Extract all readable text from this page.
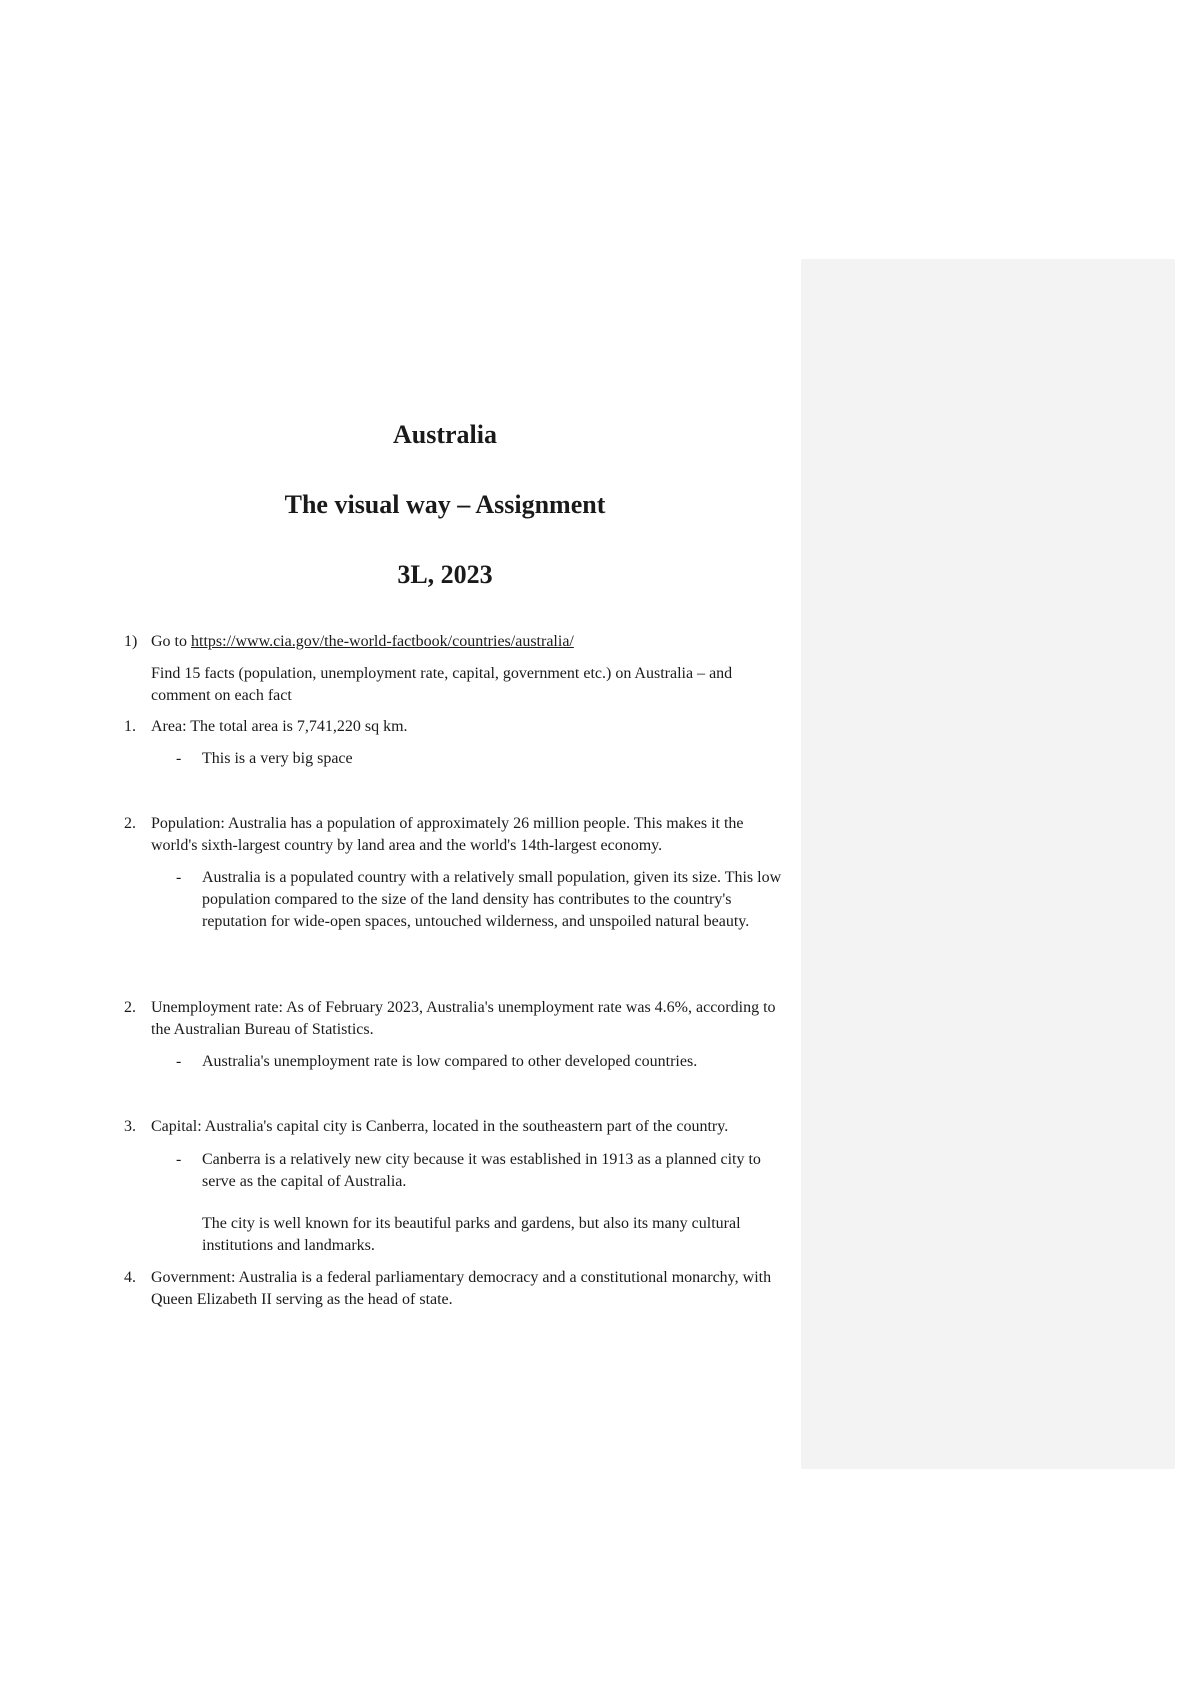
Australia
The visual way – Assignment
3L, 2023
1) Go to https://www.cia.gov/the-world-factbook/countries/australia/
Find 15 facts (population, unemployment rate, capital, government etc.) on Australia – and comment on each fact
1. Area: The total area is 7,741,220 sq km.
- This is a very big space
2. Population: Australia has a population of approximately 26 million people. This makes it the world's sixth-largest country by land area and the world's 14th-largest economy.
- Australia is a populated country with a relatively small population, given its size. This low population compared to the size of the land density has contributes to the country's reputation for wide-open spaces, untouched wilderness, and unspoiled natural beauty.
2. Unemployment rate: As of February 2023, Australia's unemployment rate was 4.6%, according to the Australian Bureau of Statistics.
- Australia's unemployment rate is low compared to other developed countries.
3. Capital: Australia's capital city is Canberra, located in the southeastern part of the country.
- Canberra is a relatively new city because it was established in 1913 as a planned city to serve as the capital of Australia.
The city is well known for its beautiful parks and gardens, but also its many cultural institutions and landmarks.
4. Government: Australia is a federal parliamentary democracy and a constitutional monarchy, with Queen Elizabeth II serving as the head of state.
